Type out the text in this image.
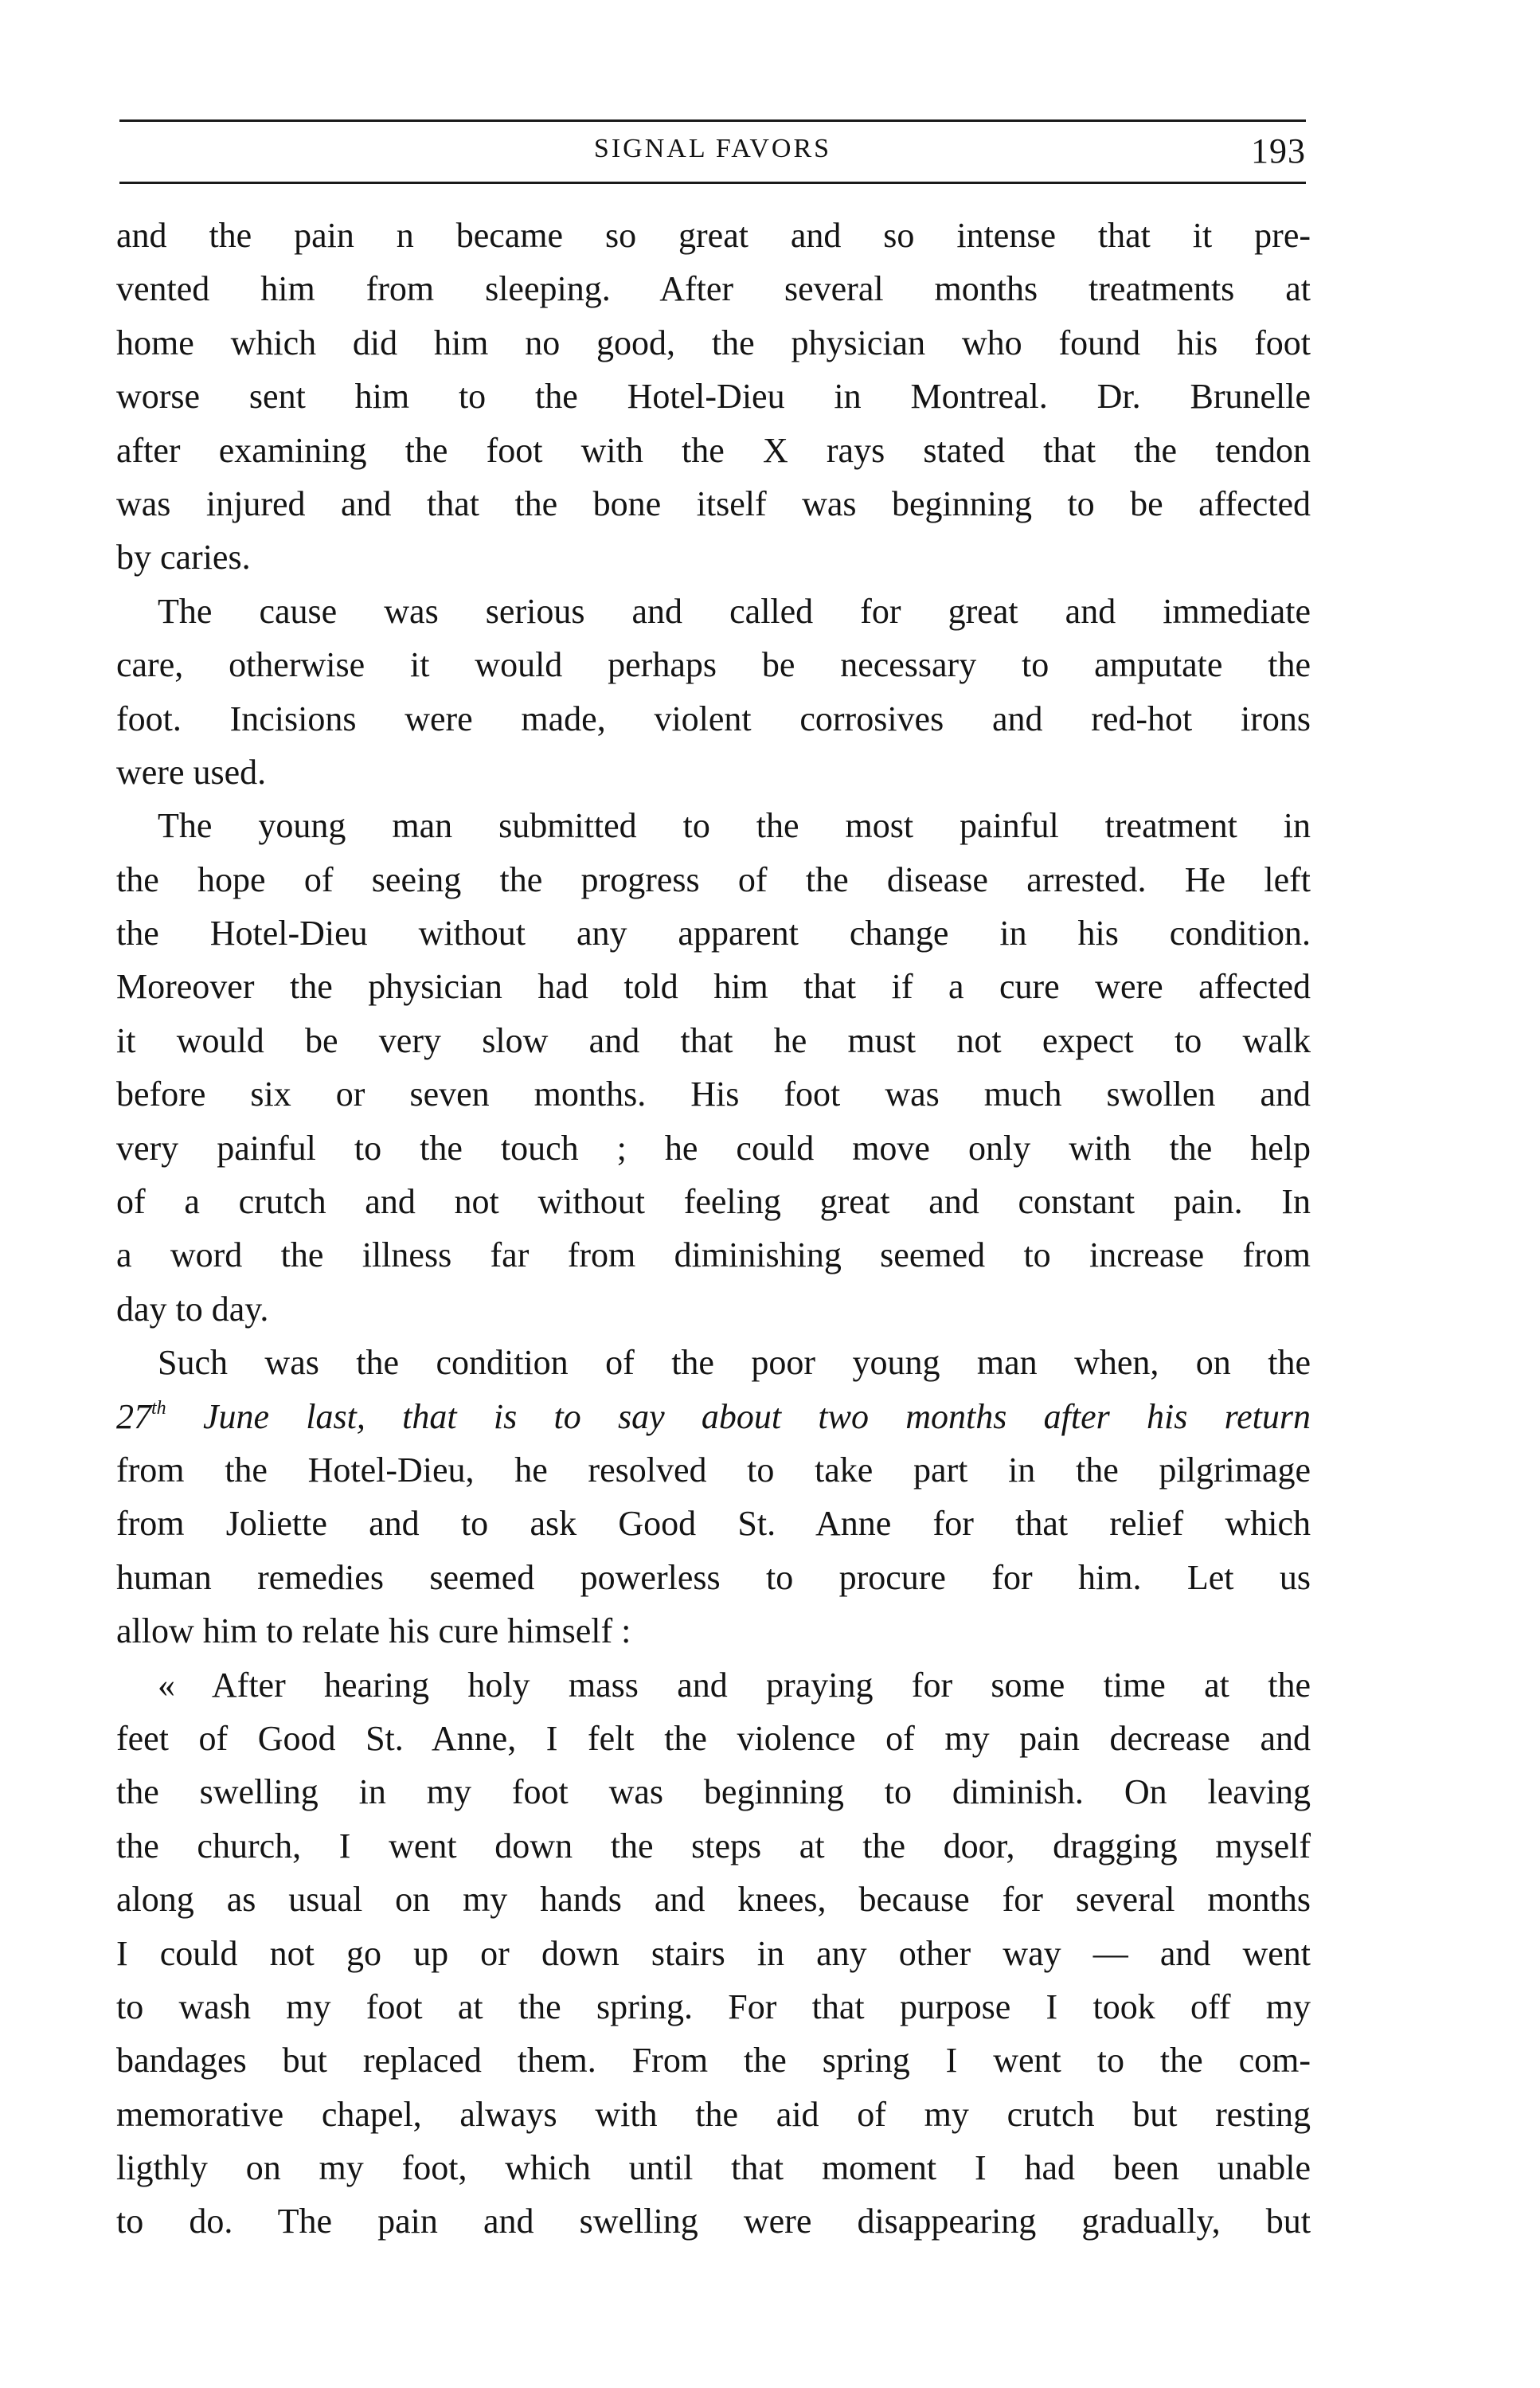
SIGNAL FAVORS	193
and the pain n became so great and so intense that it pre-
vented him from sleeping. After several months treatments at
home which did him no good, the physician who found his foot
worse sent him to the Hotel-Dieu in Montreal. Dr. Brunelle
after examining the foot with the X rays stated that the tendon
was injured and that the bone itself was beginning to be affected
by caries.
The cause was serious and called for great and immediate
care, otherwise it would perhaps be necessary to amputate the
foot. Incisions were made, violent corrosives and red-hot irons
were used.
The young man submitted to the most painful treatment in
the hope of seeing the progress of the disease arrested. He left
the Hotel-Dieu without any apparent change in his condition.
Moreover the physician had told him that if a cure were affected
it would be very slow and that he must not expect to walk
before six or seven months. His foot was much swollen and
very painful to the touch ; he could move only with the help
of a crutch and not without feeling great and constant pain. In
a word the illness far from diminishing seemed to increase from
day to day.
Such was the condition of the poor young man when, on the
27th June last, that is to say about two months after his return
from the Hotel-Dieu, he resolved to take part in the pilgrimage
from Joliette and to ask Good St. Anne for that relief which
human remedies seemed powerless to procure for him. Let us
allow him to relate his cure himself :
« After hearing holy mass and praying for some time at the
feet of Good St. Anne, I felt the violence of my pain decrease and
the swelling in my foot was beginning to diminish. On leaving
the church, I went down the steps at the door, dragging myself
along as usual on my hands and knees, because for several months
I could not go up or down stairs in any other way — and went
to wash my foot at the spring. For that purpose I took off my
bandages but replaced them. From the spring I went to the com-
memorative chapel, always with the aid of my crutch but resting
ligthly on my foot, which until that moment I had been unable
to do. The pain and swelling were disappearing gradually, but
